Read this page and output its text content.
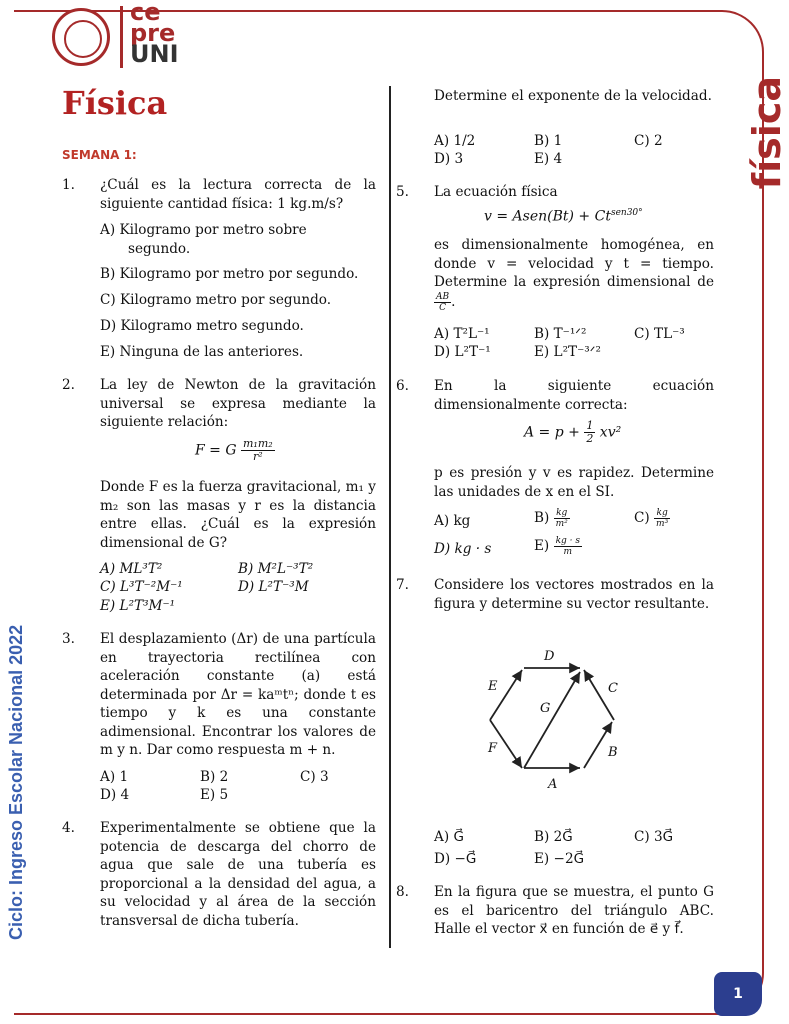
ce
pre
UNI
Física
SEMANA 1:	física
Ciclo: Ingreso Escolar Nacional 2022
1
1. ¿Cuál es la lectura correcta de la siguiente cantidad física: 1 kg.m/s?
A) Kilogramo por metro sobre
segundo.
B) Kilogramo por metro por segundo.
C) Kilogramo metro por segundo.
D) Kilogramo metro segundo.
E) Ninguna de las anteriores.
2. La ley de Newton de la gravitación universal se expresa mediante la siguiente relación:
F = G $\frac{\text{m₁m₂}}{\text{r²}}$
Donde F es la fuerza gravitacional, m₁ y m₂ son las masas y r es la distancia entre ellas. ¿Cuál es la expresión dimensional de G?
A) ML³T²	B) M²L⁻³T²
C) L³T⁻²M⁻¹	D) L²T⁻³M
E) L²T³M⁻¹
3. El desplazamiento (Δr) de una partícula en trayectoria rectilínea con aceleración constante (a) está determinada por Δr = kaᵐtⁿ; donde t es tiempo y k es una constante adimensional. Encontrar los valores de m y n. Dar como respuesta m + n.
A) 1	B) 2	C) 3
D) 4	E) 5
4. Experimentalmente se obtiene que la potencia de descarga del chorro de agua que sale de una tubería es proporcional a la densidad del agua, a su velocidad y al área de la sección transversal de dicha tubería.
Determine el exponente de la velocidad.
A) 1/2	B) 1	C) 2
D) 3	E) 4
5. La ecuación física
v = Asen(Bt) + $Ct^{sen30^\circ}$
es dimensionalmente homogénea, en donde v = velocidad y t = tiempo. Determine la expresión dimensional de
$\frac{AB}{C}$ .
A) T²L⁻¹	B) T⁻¹ᐟ²	C) TL⁻³
D) L²T⁻¹	E) L²T⁻³ᐟ²
6. En la siguiente ecuación dimensionalmente correcta:
$A = p + \frac{1}{2} xv^2$
p es presión y v es rapidez. Determine las unidades de x en el SI.
A) kg	$B) \frac{kg}{\text{m²}}$	$C) \frac{kg}{\text{m³}}$
D) kg · s	$E) \frac{kg \cdot s}{m}$
7. Considere los vectores mostrados en la figura y determine su vector resultante.
D
E	C
G
F	B
A
A) G⃗	B) 2G⃗	C) 3G⃗
D) −G⃗	E) −2G⃗
8. En la figura que se muestra, el punto G es el baricentro del triángulo ABC. Halle el vector x⃗ en función de e⃗ y f⃗.
